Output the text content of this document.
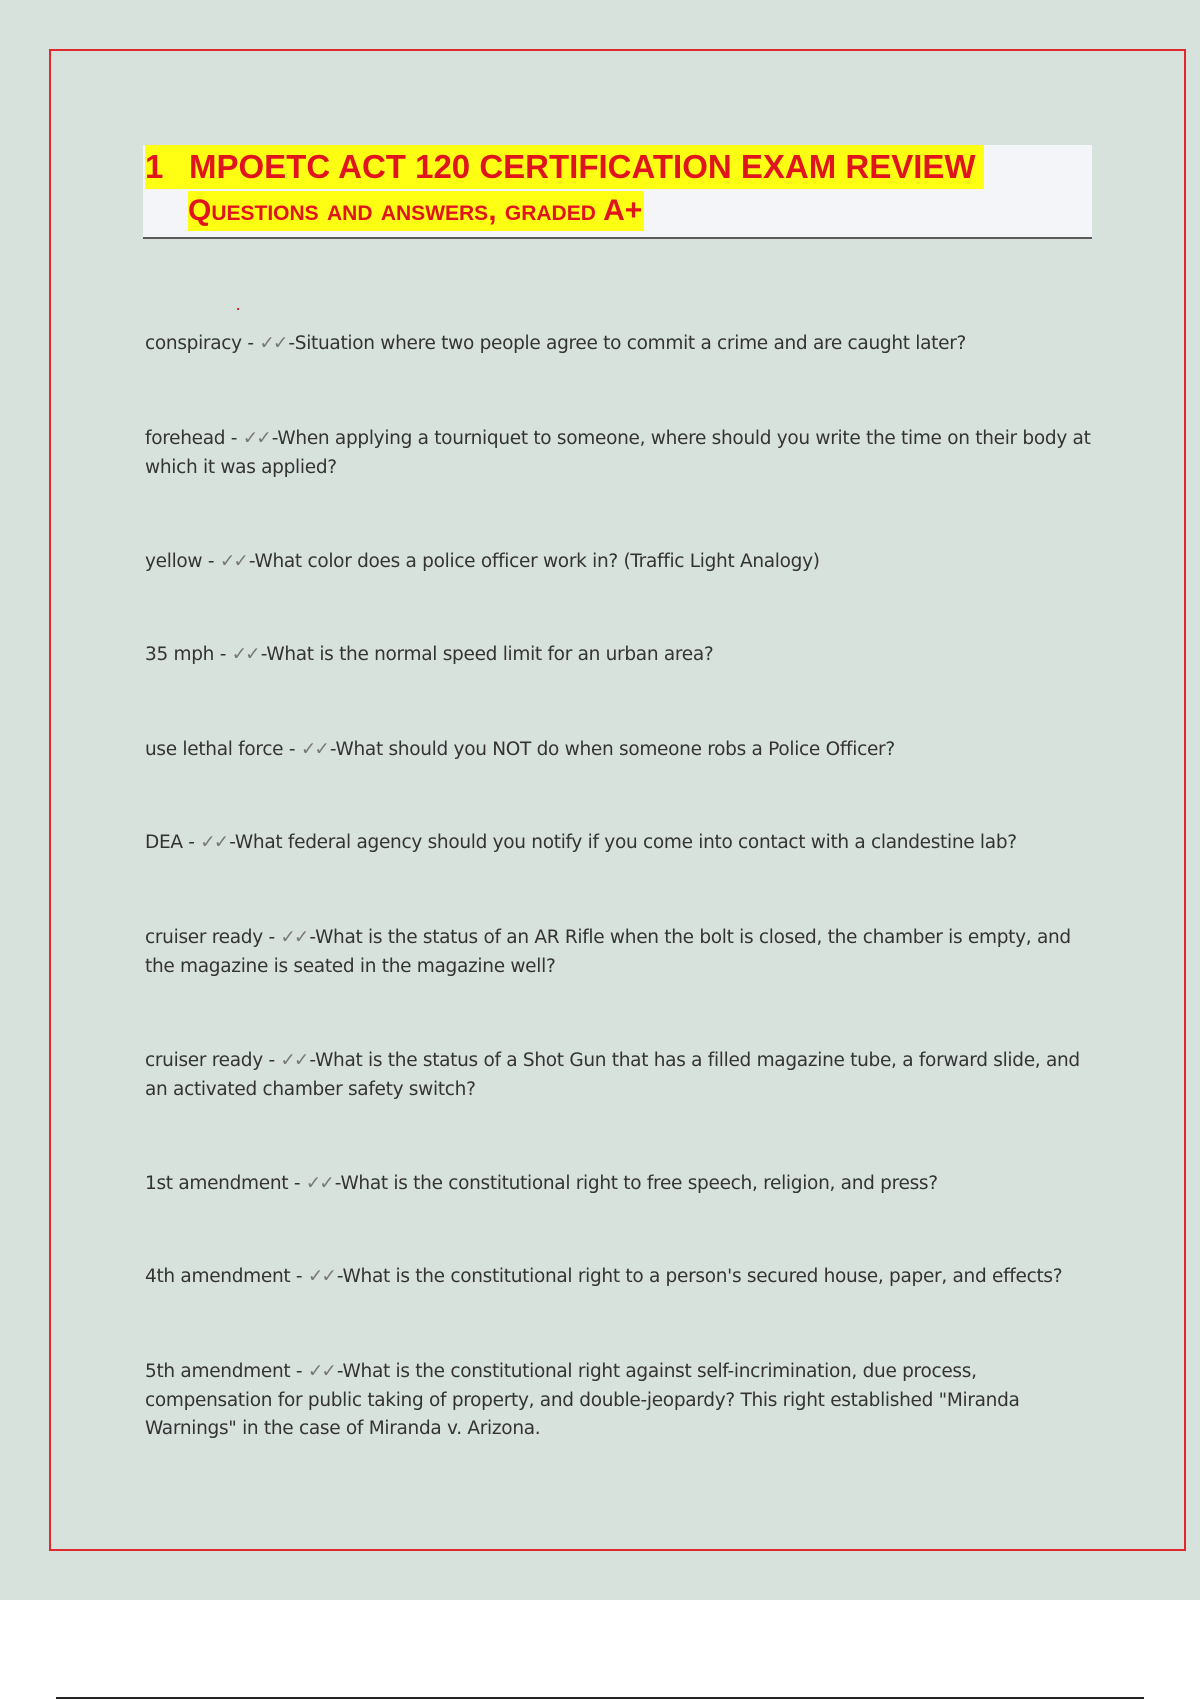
1 MPOETC ACT 120 CERTIFICATION EXAM REVIEW
Questions and answers, graded A+
conspiracy - ✓✓ -Situation where two people agree to commit a crime and are caught later?
forehead - ✓✓ -When applying a tourniquet to someone, where should you write the time on their body at which it was applied?
yellow - ✓✓ -What color does a police officer work in? (Traffic Light Analogy)
35 mph - ✓✓ -What is the normal speed limit for an urban area?
use lethal force - ✓✓ -What should you NOT do when someone robs a Police Officer?
DEA - ✓✓ -What federal agency should you notify if you come into contact with a clandestine lab?
cruiser ready - ✓✓ -What is the status of an AR Rifle when the bolt is closed, the chamber is empty, and the magazine is seated in the magazine well?
cruiser ready - ✓✓ -What is the status of a Shot Gun that has a filled magazine tube, a forward slide, and an activated chamber safety switch?
1st amendment - ✓✓ -What is the constitutional right to free speech, religion, and press?
4th amendment - ✓✓ -What is the constitutional right to a person's secured house, paper, and effects?
5th amendment - ✓✓ -What is the constitutional right against self-incrimination, due process, compensation for public taking of property, and double-jeopardy? This right established "Miranda Warnings" in the case of Miranda v. Arizona.
